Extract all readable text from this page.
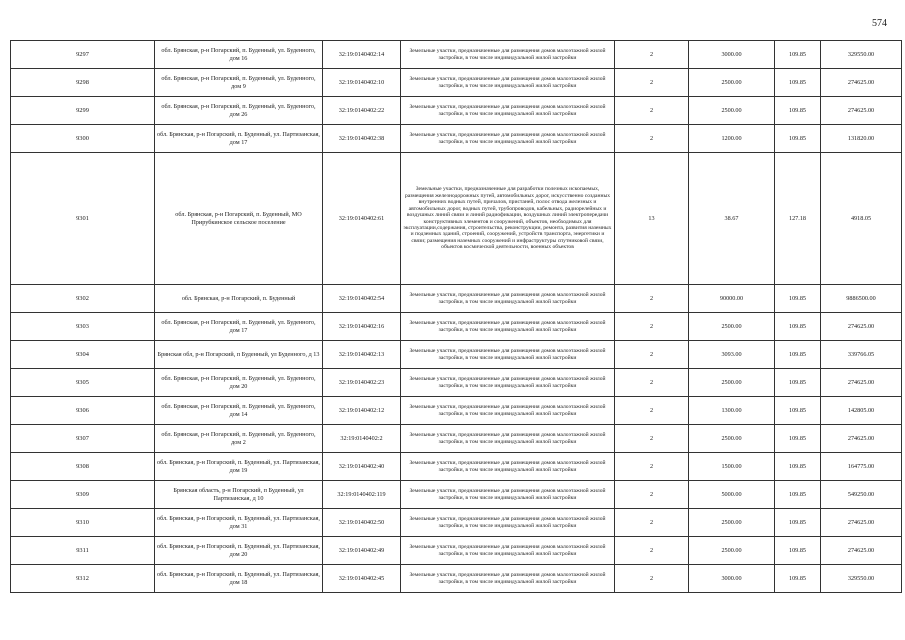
574
9297	обл. Брянская, р-н Погарский, п. Буденный, ул. Буденного, дом 16	32:19:0140402:14	Земельные участки, предназначенные для размещения домов малоэтажной жилой застройки, в том числе индивидуальной жилой застройки	2	3000.00	109.85	329550.00
9298	обл. Брянская, р-н Погарский, п. Буденный, ул. Буденного, дом 9	32:19:0140402:10	Земельные участки, предназначенные для размещения домов малоэтажной жилой застройки, в том числе индивидуальной жилой застройки	2	2500.00	109.85	274625.00
9299	обл. Брянская, р-н Погарский, п. Буденный, ул. Буденного, дом 26	32:19:0140402:22	Земельные участки, предназначенные для размещения домов малоэтажной жилой застройки, в том числе индивидуальной жилой застройки	2	2500.00	109.85	274625.00
9300	обл. Брянская, р-н Погарский, п. Буденный, ул. Партизанская, дом 17	32:19:0140402:38	Земельные участки, предназначенные для размещения домов малоэтажной жилой застройки, в том числе индивидуальной жилой застройки	2	1200.00	109.85	131820.00
9301	обл. Брянская, р-н Погарский, п. Буденный, МО Прирубкинское сельское поселение	32:19:0140402:61	Земельные участки, предназначенные для разработки полезных ископаемых, размещения железнодорожных путей, автомобильных дорог, искусственно созданных внутренних водных путей, причалов, пристаней, полос отвода железных и автомобильных дорог, водных путей, трубопроводов, кабельных, радиорелейных и воздушных линий связи и линий радиофикации, воздушных линий электропередачи конструктивных элементов и сооружений, объектов, необходимых для эксплуатации,содержания, строительства, реконструкции, ремонта, развития наземных и подземных зданий, строений, сооружений, устройств транспорта, энергетики и связи; размещения наземных сооружений и инфраструктуры спутниковой связи, объектов космической деятельности, военных объектов	13	38.67	127.18	4918.05
9302	обл. Брянская, р-н Погарский, п. Буденный	32:19:0140402:54	Земельные участки, предназначенные для размещения домов малоэтажной жилой застройки, в том числе индивидуальной жилой застройки	2	90000.00	109.85	9886500.00
9303	обл. Брянская, р-н Погарский, п. Буденный, ул. Буденного, дом 17	32:19:0140402:16	Земельные участки, предназначенные для размещения домов малоэтажной жилой застройки, в том числе индивидуальной жилой застройки	2	2500.00	109.85	274625.00
9304	Брянская обл, р-н Погарский, п Буденный, ул Буденного, д 13	32:19:0140402:13	Земельные участки, предназначенные для размещения домов малоэтажной жилой застройки, в том числе индивидуальной жилой застройки	2	3093.00	109.85	339766.05
9305	обл. Брянская, р-н Погарский, п. Буденный, ул. Буденного, дом 20	32:19:0140402:23	Земельные участки, предназначенные для размещения домов малоэтажной жилой застройки, в том числе индивидуальной жилой застройки	2	2500.00	109.85	274625.00
9306	обл. Брянская, р-н Погарский, п. Буденный, ул. Буденного, дом 14	32:19:0140402:12	Земельные участки, предназначенные для размещения домов малоэтажной жилой застройки, в том числе индивидуальной жилой застройки	2	1300.00	109.85	142805.00
9307	обл. Брянская, р-н Погарский, п. Буденный, ул. Буденного, дом 2	32:19:0140402:2	Земельные участки, предназначенные для размещения домов малоэтажной жилой застройки, в том числе индивидуальной жилой застройки	2	2500.00	109.85	274625.00
9308	обл. Брянская, р-н Погарский, п. Буденный, ул. Партизанская, дом 19	32:19:0140402:40	Земельные участки, предназначенные для размещения домов малоэтажной жилой застройки, в том числе индивидуальной жилой застройки	2	1500.00	109.85	164775.00
9309	Брянская область, р-н Погарский, п Буденный, ул Партизанская, д 10	32:19:0140402:119	Земельные участки, предназначенные для размещения домов малоэтажной жилой застройки, в том числе индивидуальной жилой застройки	2	5000.00	109.85	549250.00
9310	обл. Брянская, р-н Погарский, п. Буденный, ул. Партизанская, дом 31	32:19:0140402:50	Земельные участки, предназначенные для размещения домов малоэтажной жилой застройки, в том числе индивидуальной жилой застройки	2	2500.00	109.85	274625.00
9311	обл. Брянская, р-н Погарский, п. Буденный, ул. Партизанская, дом 20	32:19:0140402:49	Земельные участки, предназначенные для размещения домов малоэтажной жилой застройки, в том числе индивидуальной жилой застройки	2	2500.00	109.85	274625.00
9312	обл. Брянская, р-н Погарский, п. Буденный, ул. Партизанская, дом 18	32:19:0140402:45	Земельные участки, предназначенные для размещения домов малоэтажной жилой застройки, в том числе индивидуальной жилой застройки	2	3000.00	109.85	329550.00
